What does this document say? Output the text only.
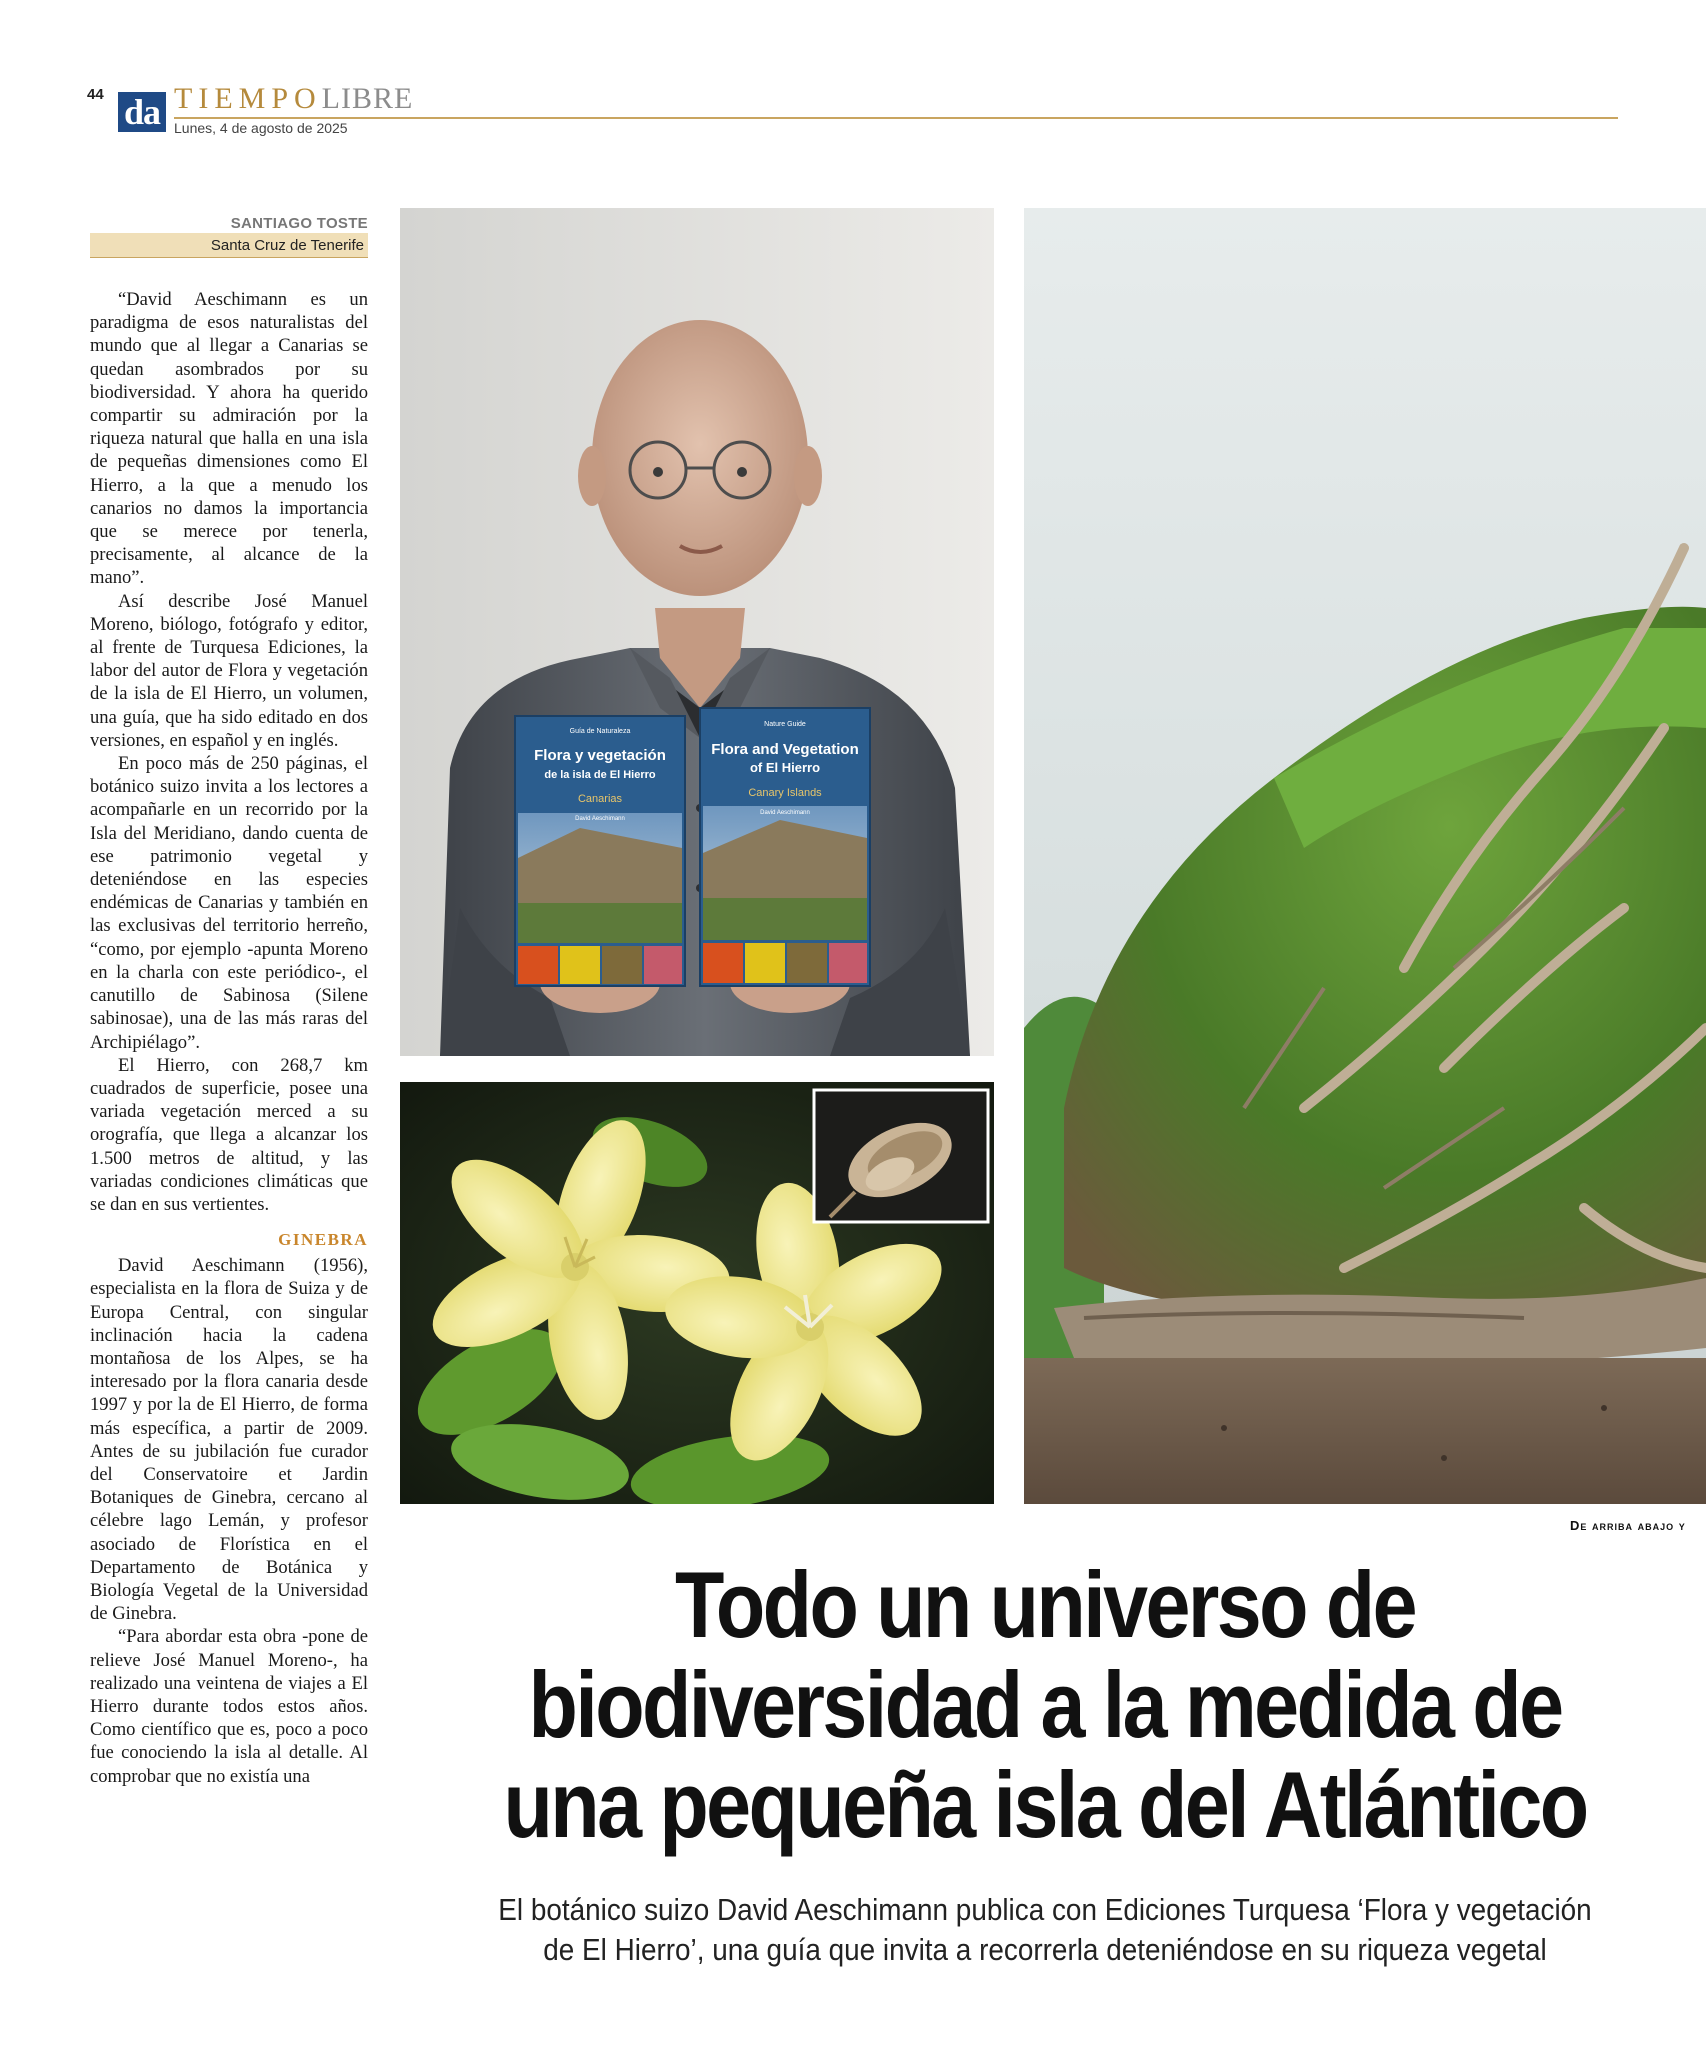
44 da TIEMPOLIBRE
Lunes, 4 de agosto de 2025
SANTIAGO TOSTE
Santa Cruz de Tenerife

“David Aeschimann es un paradigma de esos naturalistas del mundo que al llegar a Canarias se quedan asombrados por su biodiversidad. Y ahora ha querido compartir su admiración por la riqueza natural que halla en una isla de pequeñas dimensiones como El Hierro, a la que a menudo los canarios no damos la importancia que se merece por tenerla, precisamente, al alcance de la mano”.

Así describe José Manuel Moreno, biólogo, fotógrafo y editor, al frente de Turquesa Ediciones, la labor del autor de Flora y vegetación de la isla de El Hierro, un volumen, una guía, que ha sido editado en dos versiones, en español y en inglés.

En poco más de 250 páginas, el botánico suizo invita a los lectores a acompañarle en un recorrido por la Isla del Meridiano, dando cuenta de ese patrimonio vegetal y deteniéndose en las especies endémicas de Canarias y también en las exclusivas del territorio herreño, “como, por ejemplo -apunta Moreno en la charla con este periódico-, el canutillo de Sabinosa (Silene sabinosae), una de las más raras del Archipiélago”.

El Hierro, con 268,7 km cuadrados de superficie, posee una variada vegetación merced a su orografía, que llega a alcanzar los 1.500 metros de altitud, y las variadas condiciones climáticas que se dan en sus vertientes.

GINEBRA

David Aeschimann (1956), especialista en la flora de Suiza y de Europa Central, con singular inclinación hacia la cadena montañosa de los Alpes, se ha interesado por la flora canaria desde 1997 y por la de El Hierro, de forma más específica, a partir de 2009. Antes de su jubilación fue curador del Conservatoire et Jardin Botaniques de Ginebra, cercano al célebre lago Lemán, y profesor asociado de Florística en el Departamento de Botánica y Biología Vegetal de la Universidad de Ginebra.

“Para abordar esta obra -pone de relieve José Manuel Moreno-, ha realizado una veintena de viajes a El Hierro durante todos estos años. Como científico que es, poco a poco fue conociendo la isla al detalle. Al comprobar que no existía una

Guía de Naturaleza
Flora y vegetación
de la isla de El Hierro
Canarias
David Aeschimann
Nature Guide
Flora and Vegetation
of El Hierro
Canary Islands
David Aeschimann
De arriba abajo y
Todo un universo de
biodiversidad a la medida de
una pequeña isla del Atlántico
El botánico suizo David Aeschimann publica con Ediciones Turquesa ‘Flora y vegetación
de El Hierro’, una guía que invita a recorrerla deteniéndose en su riqueza vegetal
